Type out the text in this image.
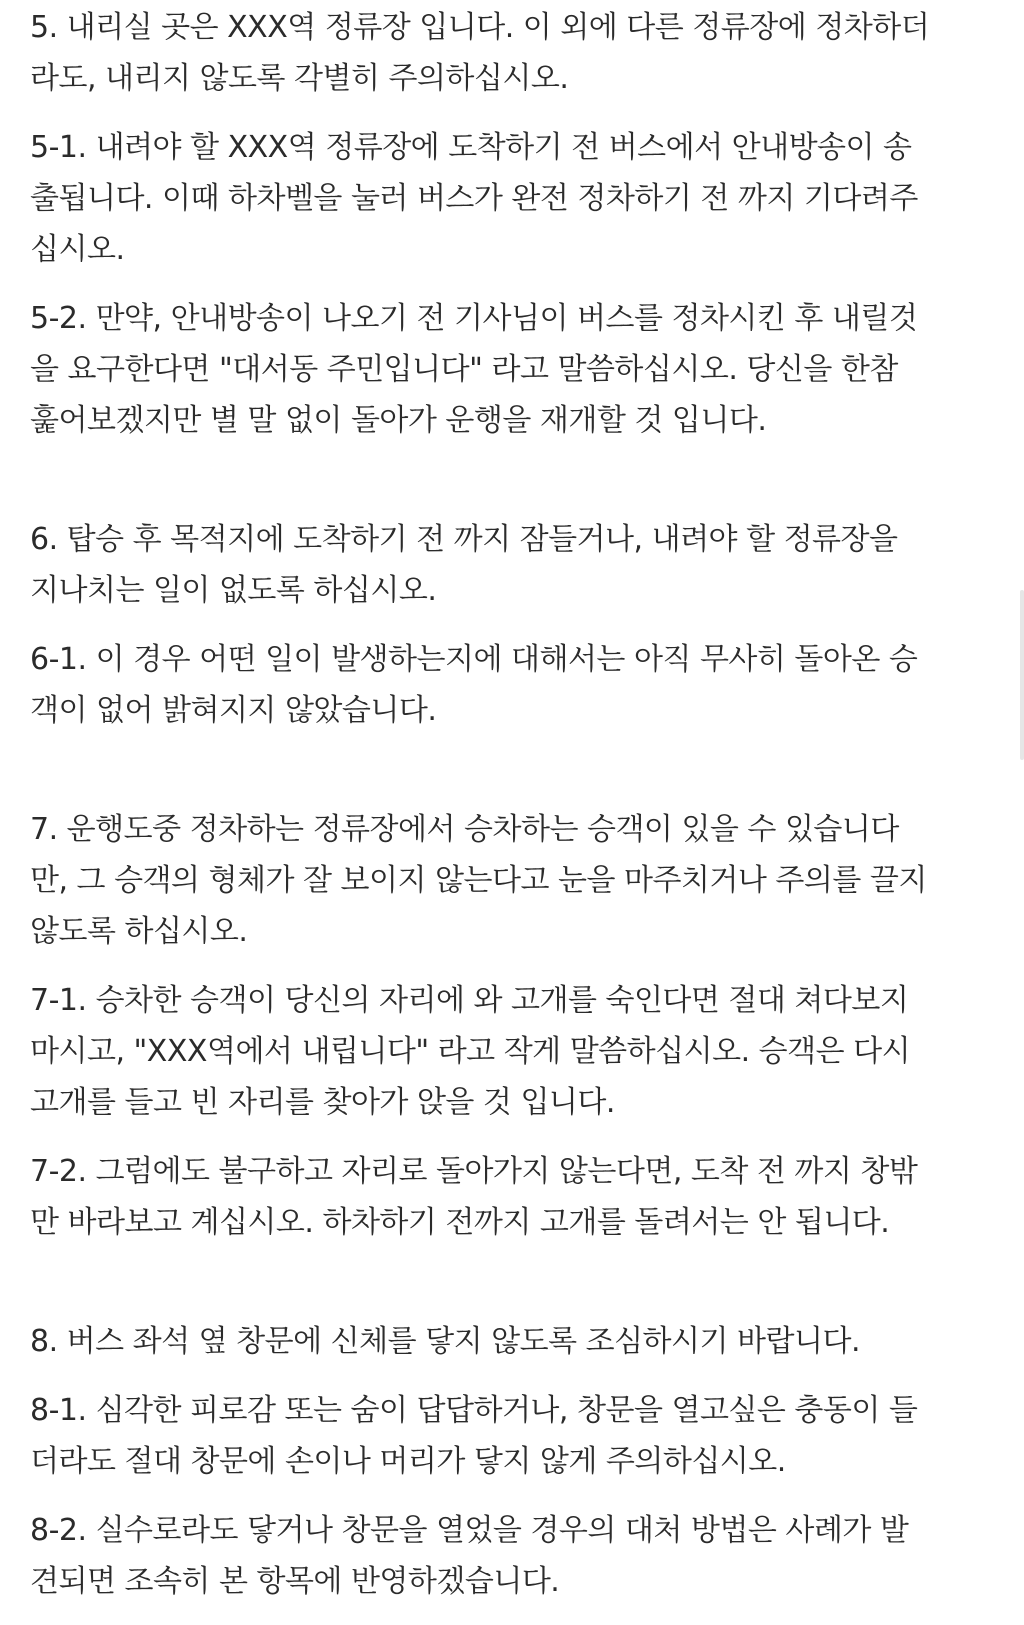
5. 내리실 곳은 XXX역 정류장 입니다. 이 외에 다른 정류장에 정차하더
라도, 내리지 않도록 각별히 주의하십시오.

5-1. 내려야 할 XXX역 정류장에 도착하기 전 버스에서 안내방송이 송
출됩니다. 이때 하차벨을 눌러 버스가 완전 정차하기 전 까지 기다려주
십시오.

5-2. 만약, 안내방송이 나오기 전 기사님이 버스를 정차시킨 후 내릴것
을 요구한다면 "대서동 주민입니다" 라고 말씀하십시오. 당신을 한참
훑어보겠지만 별 말 없이 돌아가 운행을 재개할 것 입니다.

6. 탑승 후 목적지에 도착하기 전 까지 잠들거나, 내려야 할 정류장을
지나치는 일이 없도록 하십시오.

6-1. 이 경우 어떤 일이 발생하는지에 대해서는 아직 무사히 돌아온 승
객이 없어 밝혀지지 않았습니다.

7. 운행도중 정차하는 정류장에서 승차하는 승객이 있을 수 있습니다
만, 그 승객의 형체가 잘 보이지 않는다고 눈을 마주치거나 주의를 끌지
않도록 하십시오.

7-1. 승차한 승객이 당신의 자리에 와 고개를 숙인다면 절대 쳐다보지
마시고, "XXX역에서 내립니다" 라고 작게 말씀하십시오. 승객은 다시
고개를 들고 빈 자리를 찾아가 앉을 것 입니다.

7-2. 그럼에도 불구하고 자리로 돌아가지 않는다면, 도착 전 까지 창밖
만 바라보고 계십시오. 하차하기 전까지 고개를 돌려서는 안 됩니다.

8. 버스 좌석 옆 창문에 신체를 닿지 않도록 조심하시기 바랍니다.

8-1. 심각한 피로감 또는 숨이 답답하거나, 창문을 열고싶은 충동이 들
더라도 절대 창문에 손이나 머리가 닿지 않게 주의하십시오.

8-2. 실수로라도 닿거나 창문을 열었을 경우의 대처 방법은 사례가 발
견되면 조속히 본 항목에 반영하겠습니다.
